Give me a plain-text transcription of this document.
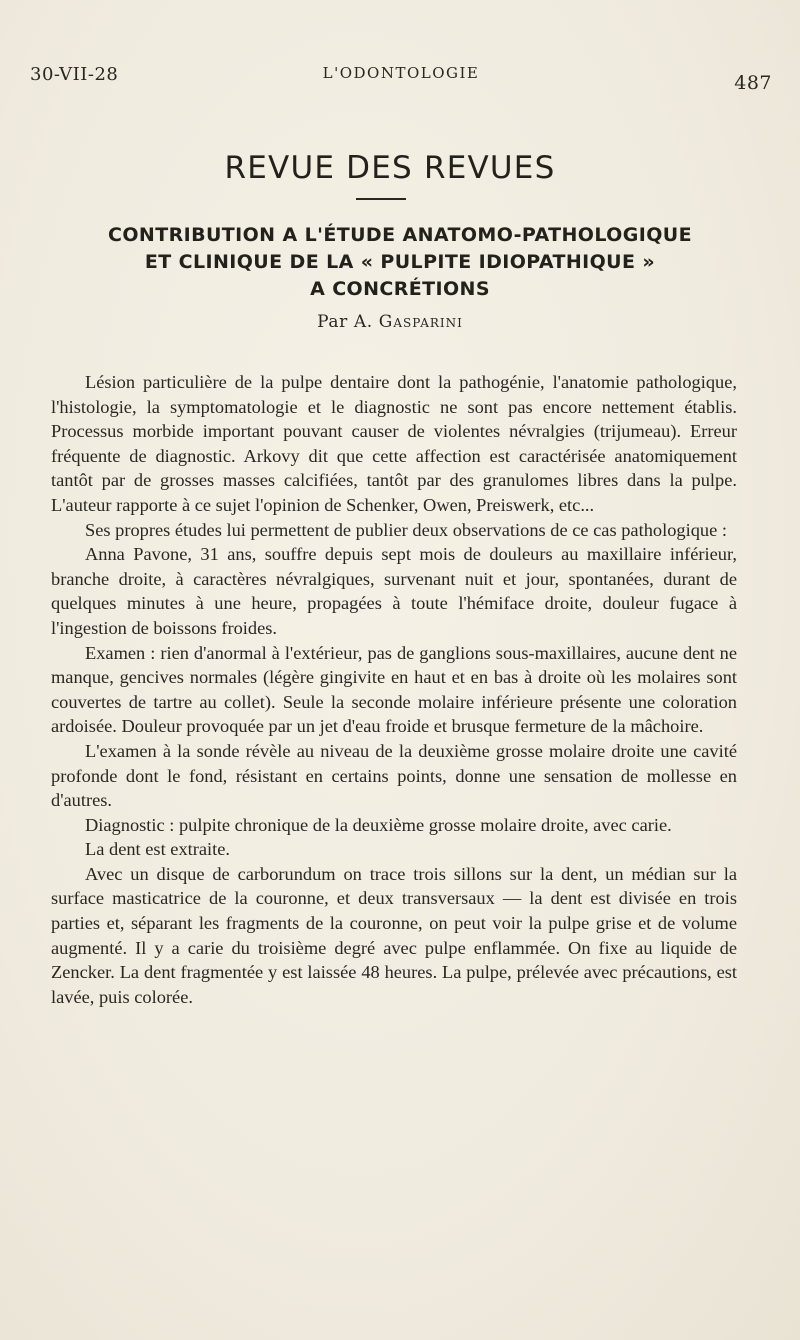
30-VII-28	L'ODONTOLOGIE	487
REVUE DES REVUES
CONTRIBUTION A L'ÉTUDE ANATOMO-PATHOLOGIQUE
ET CLINIQUE DE LA « PULPITE IDIOPATHIQUE »
A CONCRÉTIONS
Par A. Gasparini

Lésion particulière de la pulpe dentaire dont la pathogénie, l'anatomie pathologique, l'histologie, la symptomatologie et le diagnostic ne sont pas encore nettement établis. Processus morbide important pouvant causer de violentes névralgies (trijumeau). Erreur fréquente de diagnostic. Arkovy dit que cette affection est caractérisée anatomiquement tantôt par de grosses masses calcifiées, tantôt par des granulomes libres dans la pulpe. L'auteur rapporte à ce sujet l'opinion de Schenker, Owen, Preiswerk, etc...

Ses propres études lui permettent de publier deux observations de ce cas pathologique :

Anna Pavone, 31 ans, souffre depuis sept mois de douleurs au maxillaire inférieur, branche droite, à caractères névralgiques, survenant nuit et jour, spontanées, durant de quelques minutes à une heure, propagées à toute l'hémiface droite, douleur fugace à l'ingestion de boissons froides.

Examen : rien d'anormal à l'extérieur, pas de ganglions sous-maxillaires, aucune dent ne manque, gencives normales (légère gingivite en haut et en bas à droite où les molaires sont couvertes de tartre au collet). Seule la seconde molaire inférieure présente une coloration ardoisée. Douleur provoquée par un jet d'eau froide et brusque fermeture de la mâchoire.

L'examen à la sonde révèle au niveau de la deuxième grosse molaire droite une cavité profonde dont le fond, résistant en certains points, donne une sensation de mollesse en d'autres.

Diagnostic : pulpite chronique de la deuxième grosse molaire droite, avec carie.

La dent est extraite.

Avec un disque de carborundum on trace trois sillons sur la dent, un médian sur la surface masticatrice de la couronne, et deux transversaux — la dent est divisée en trois parties et, séparant les fragments de la couronne, on peut voir la pulpe grise et de volume augmenté. Il y a carie du troisième degré avec pulpe enflammée. On fixe au liquide de Zencker. La dent fragmentée y est laissée 48 heures. La pulpe, prélevée avec précautions, est lavée, puis colorée.
